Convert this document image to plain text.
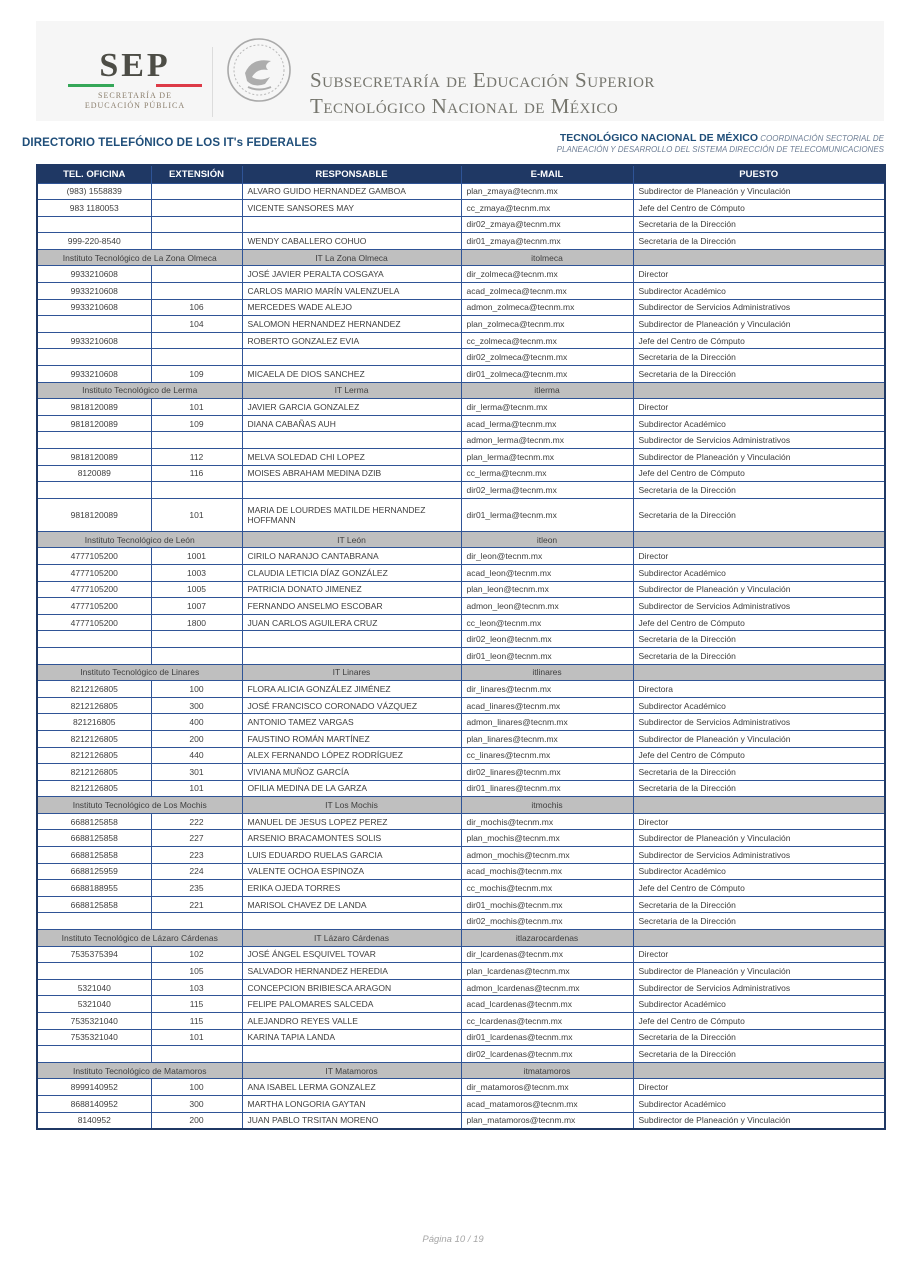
SEP
SECRETARÍA DE
EDUCACIÓN PÚBLICA
Subsecretaría de Educación Superior
Tecnológico Nacional de México
DIRECTORIO TELEFÓNICO DE LOS IT's FEDERALES	TECNOLÓGICO NACIONAL DE MÉXICO COORDINACIÓN SECTORIAL DE
PLANEACIÓN Y DESARROLLO DEL SISTEMA DIRECCIÓN DE TELECOMUNICACIONES
TEL. OFICINA	EXTENSIÓN	RESPONSABLE	E-MAIL	PUESTO
(983) 1558839		ALVARO GUIDO HERNANDEZ GAMBOA	plan_zmaya@tecnm.mx	Subdirector de Planeación y Vinculación
983 1180053		VICENTE SANSORES MAY	cc_zmaya@tecnm.mx	Jefe del Centro de Cómputo
			dir02_zmaya@tecnm.mx	Secretaria de la Dirección
999-220-8540		WENDY CABALLERO COHUO	dir01_zmaya@tecnm.mx	Secretaria de la Dirección
Instituto Tecnológico de La Zona Olmeca		IT La Zona Olmeca	itolmeca	
9933210608		JOSÉ JAVIER PERALTA COSGAYA	dir_zolmeca@tecnm.mx	Director
9933210608		CARLOS MARIO MARÍN VALENZUELA	acad_zolmeca@tecnm.mx	Subdirector Académico
9933210608	106	MERCEDES WADE ALEJO	admon_zolmeca@tecnm.mx	Subdirector de Servicios Administrativos
	104	SALOMON HERNANDEZ HERNANDEZ	plan_zolmeca@tecnm.mx	Subdirector de Planeación y Vinculación
9933210608		ROBERTO GONZALEZ EVIA	cc_zolmeca@tecnm.mx	Jefe del Centro de Cómputo
			dir02_zolmeca@tecnm.mx	Secretaria de la Dirección
9933210608	109	MICAELA DE DIOS SANCHEZ	dir01_zolmeca@tecnm.mx	Secretaria de la Dirección
Instituto Tecnológico de Lerma		IT Lerma	itlerma	
9818120089	101	JAVIER GARCIA GONZALEZ	dir_lerma@tecnm.mx	Director
9818120089	109	DIANA CABAÑAS AUH	acad_lerma@tecnm.mx	Subdirector Académico
			admon_lerma@tecnm.mx	Subdirector de Servicios Administrativos
9818120089	112	MELVA SOLEDAD CHI LOPEZ	plan_lerma@tecnm.mx	Subdirector de Planeación y Vinculación
8120089	116	MOISES ABRAHAM MEDINA DZIB	cc_lerma@tecnm.mx	Jefe del Centro de Cómputo
			dir02_lerma@tecnm.mx	Secretaria de la Dirección
9818120089	101	MARIA DE LOURDES MATILDE HERNANDEZ HOFFMANN	dir01_lerma@tecnm.mx	Secretaria de la Dirección
Instituto Tecnológico de León		IT León	itleon	
4777105200	1001	CIRILO NARANJO CANTABRANA	dir_leon@tecnm.mx	Director
4777105200	1003	CLAUDIA LETICIA DÍAZ GONZÁLEZ	acad_leon@tecnm.mx	Subdirector Académico
4777105200	1005	PATRICIA DONATO JIMENEZ	plan_leon@tecnm.mx	Subdirector de Planeación y Vinculación
4777105200	1007	FERNANDO ANSELMO ESCOBAR	admon_leon@tecnm.mx	Subdirector de Servicios Administrativos
4777105200	1800	JUAN CARLOS AGUILERA CRUZ	cc_leon@tecnm.mx	Jefe del Centro de Cómputo
			dir02_leon@tecnm.mx	Secretaria de la Dirección
			dir01_leon@tecnm.mx	Secretaria de la Dirección
Instituto Tecnológico de Linares		IT Linares	itlinares	
8212126805	100	FLORA ALICIA GONZÁLEZ JIMÉNEZ	dir_linares@tecnm.mx	Directora
8212126805	300	JOSÉ FRANCISCO CORONADO VÁZQUEZ	acad_linares@tecnm.mx	Subdirector Académico
821216805	400	ANTONIO TAMEZ VARGAS	admon_linares@tecnm.mx	Subdirector de Servicios Administrativos
8212126805	200	FAUSTINO ROMÁN MARTÍNEZ	plan_linares@tecnm.mx	Subdirector de Planeación y Vinculación
8212126805	440	ALEX FERNANDO LÓPEZ RODRÍGUEZ	cc_linares@tecnm.mx	Jefe del Centro de Cómputo
8212126805	301	VIVIANA MUÑOZ GARCÍA	dir02_linares@tecnm.mx	Secretaria de la Dirección
8212126805	101	OFILIA MEDINA DE LA GARZA	dir01_linares@tecnm.mx	Secretaria de la Dirección
Instituto Tecnológico de Los Mochis		IT Los Mochis	itmochis	
6688125858	222	MANUEL DE JESUS LOPEZ PEREZ	dir_mochis@tecnm.mx	Director
6688125858	227	ARSENIO BRACAMONTES SOLIS	plan_mochis@tecnm.mx	Subdirector de Planeación y Vinculación
6688125858	223	LUIS EDUARDO RUELAS GARCIA	admon_mochis@tecnm.mx	Subdirector de Servicios Administrativos
6688125959	224	VALENTE OCHOA ESPINOZA	acad_mochis@tecnm.mx	Subdirector Académico
6688188955	235	ERIKA OJEDA TORRES	cc_mochis@tecnm.mx	Jefe del Centro de Cómputo
6688125858	221	MARISOL CHAVEZ DE LANDA	dir01_mochis@tecnm.mx	Secretaria de la Dirección
			dir02_mochis@tecnm.mx	Secretaria de la Dirección
Instituto Tecnológico de Lázaro Cárdenas		IT Lázaro Cárdenas	itlazarocardenas	
7535375394	102	JOSÉ ÁNGEL ESQUIVEL TOVAR	dir_lcardenas@tecnm.mx	Director
	105	SALVADOR HERNANDEZ HEREDIA	plan_lcardenas@tecnm.mx	Subdirector de Planeación y Vinculación
5321040	103	CONCEPCION BRIBIESCA ARAGON	admon_lcardenas@tecnm.mx	Subdirector de Servicios Administrativos
5321040	115	FELIPE PALOMARES SALCEDA	acad_lcardenas@tecnm.mx	Subdirector Académico
7535321040	115	ALEJANDRO REYES VALLE	cc_lcardenas@tecnm.mx	Jefe del Centro de Cómputo
7535321040	101	KARINA TAPIA LANDA	dir01_lcardenas@tecnm.mx	Secretaria de la Dirección
			dir02_lcardenas@tecnm.mx	Secretaria de la Dirección
Instituto Tecnológico de Matamoros		IT Matamoros	itmatamoros	
8999140952	100	ANA ISABEL LERMA GONZALEZ	dir_matamoros@tecnm.mx	Director
8688140952	300	MARTHA LONGORIA GAYTAN	acad_matamoros@tecnm.mx	Subdirector Académico
8140952	200	JUAN PABLO TRSITAN MORENO	plan_matamoros@tecnm.mx	Subdirector de Planeación y Vinculación
Página 10 / 19
